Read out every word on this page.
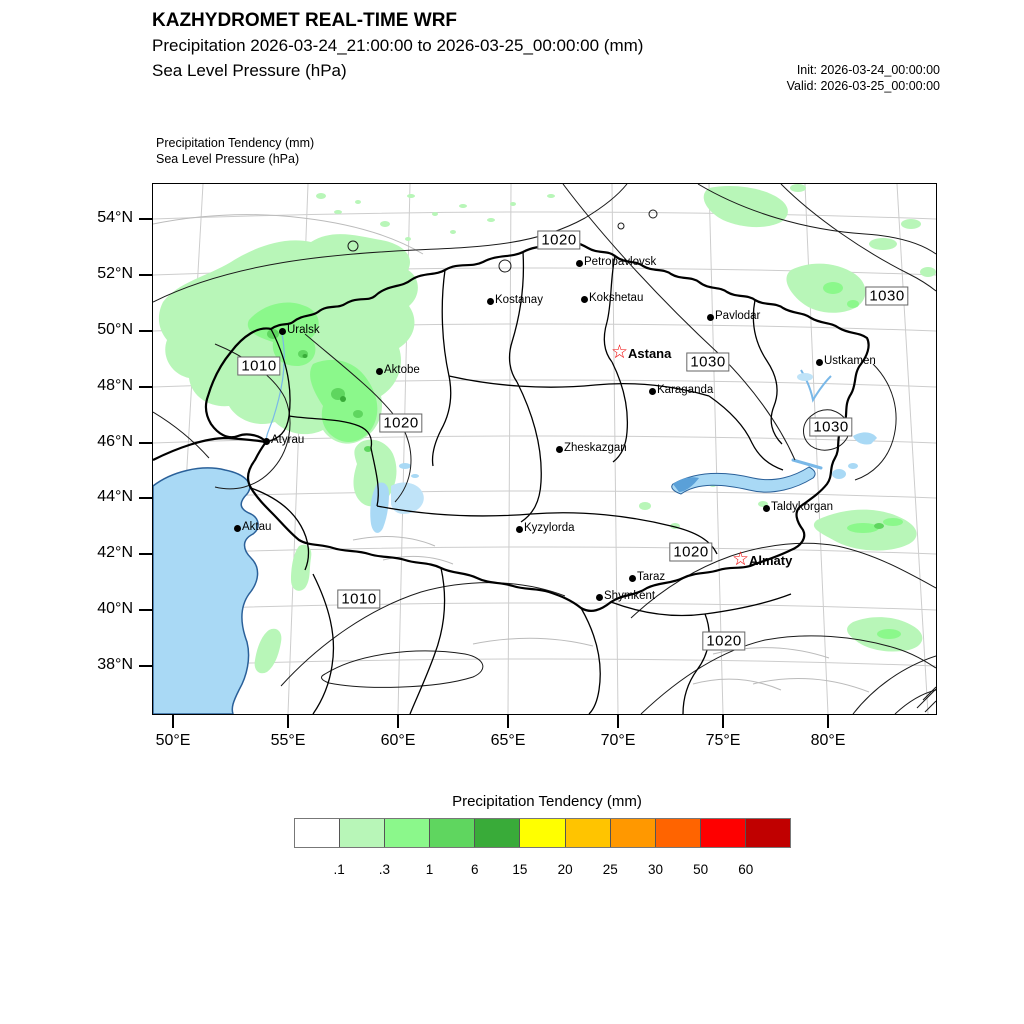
KAZHYDROMET REAL-TIME WRF
Precipitation 2026-03-24_21:00:00 to 2026-03-25_00:00:00 (mm)
Sea Level Pressure (hPa)	Init: 2026-03-24_00:00:00
Valid: 2026-03-25_00:00:00
Precipitation Tendency (mm)
Sea Level Pressure (hPa)
1020
1030
1010	1030
1020	1030
1020
1010
1020
Petropavlovsk
Kostanay	Kokshetau
Pavlodar
☆ Astana
Uralsk
Aktobe
Ustkamen
Karaganda
Atyrau
Zheskazgan
Aktau	Kyzylorda
Taldykorgan
☆ Almaty
Taraz
Shymkent
54°N
52°N
50°N
48°N
46°N
44°N
42°N
40°N
38°N
50°E	55°E	60°E	65°E	70°E	75°E	80°E
Precipitation Tendency (mm)
.1	.3	1	6	15 20 25 30 50 60
